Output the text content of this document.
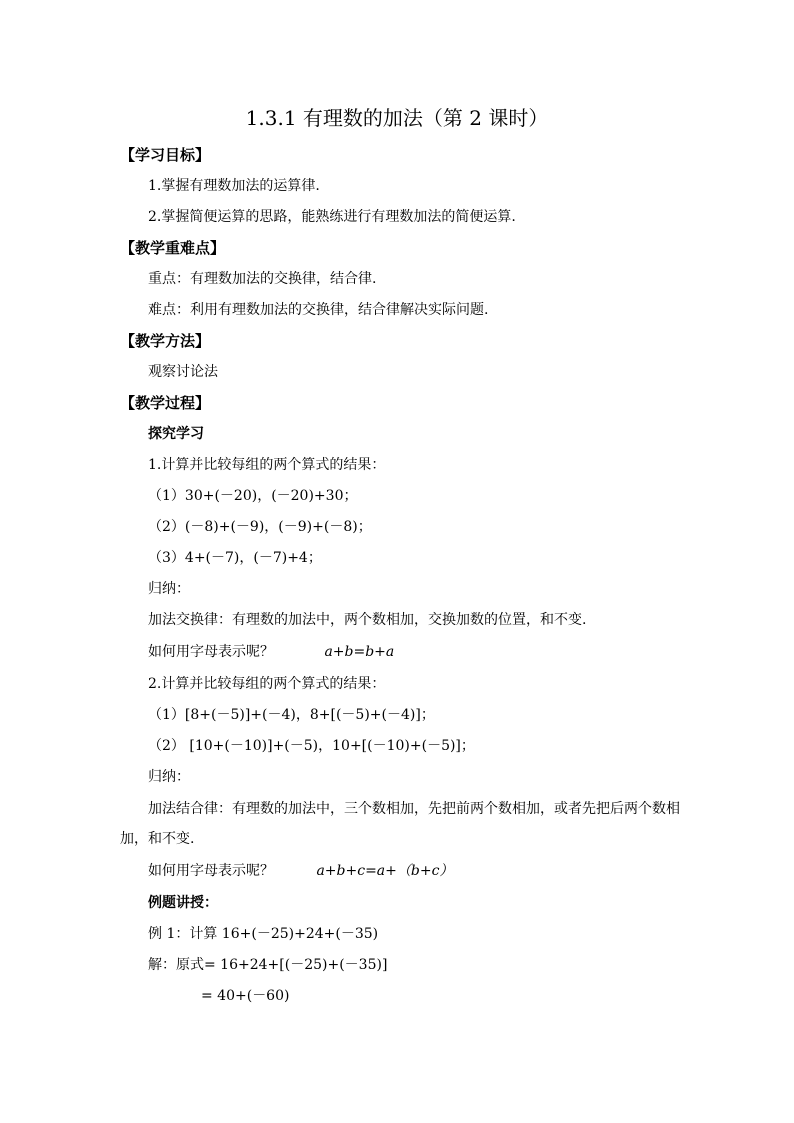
1.3.1 有理数的加法（第 2 课时）
【学习目标】
1.掌握有理数加法的运算律.
2.掌握简便运算的思路，能熟练进行有理数加法的简便运算.
【教学重难点】
重点：有理数加法的交换律，结合律.
难点：利用有理数加法的交换律，结合律解决实际问题.
【教学方法】
观察讨论法
【教学过程】
探究学习
1.计算并比较每组的两个算式的结果：
（1）30+(－20)，(－20)+30；
（2）(－8)+(－9)，(－9)+(－8)；
（3）4+(－7)，(－7)+4；
归纳：
加法交换律：有理数的加法中，两个数相加，交换加数的位置，和不变.
如何用字母表示呢？	a+b=b+a
2.计算并比较每组的两个算式的结果：
（1）[8+(－5)]+(－4)，8+[(－5)+(－4)]；
（2） [10+(－10)]+(－5)，10+[(－10)+(－5)]；
归纳：
加法结合律：有理数的加法中，三个数相加，先把前两个数相加，或者先把后两个数相加，和不变.
如何用字母表示呢？	a+b+c=a+（b+c）
例题讲授：
例 1：计算 16+(－25)+24+(－35)
解：原式= 16+24+[(－25)+(－35)]
= 40+(－60)
